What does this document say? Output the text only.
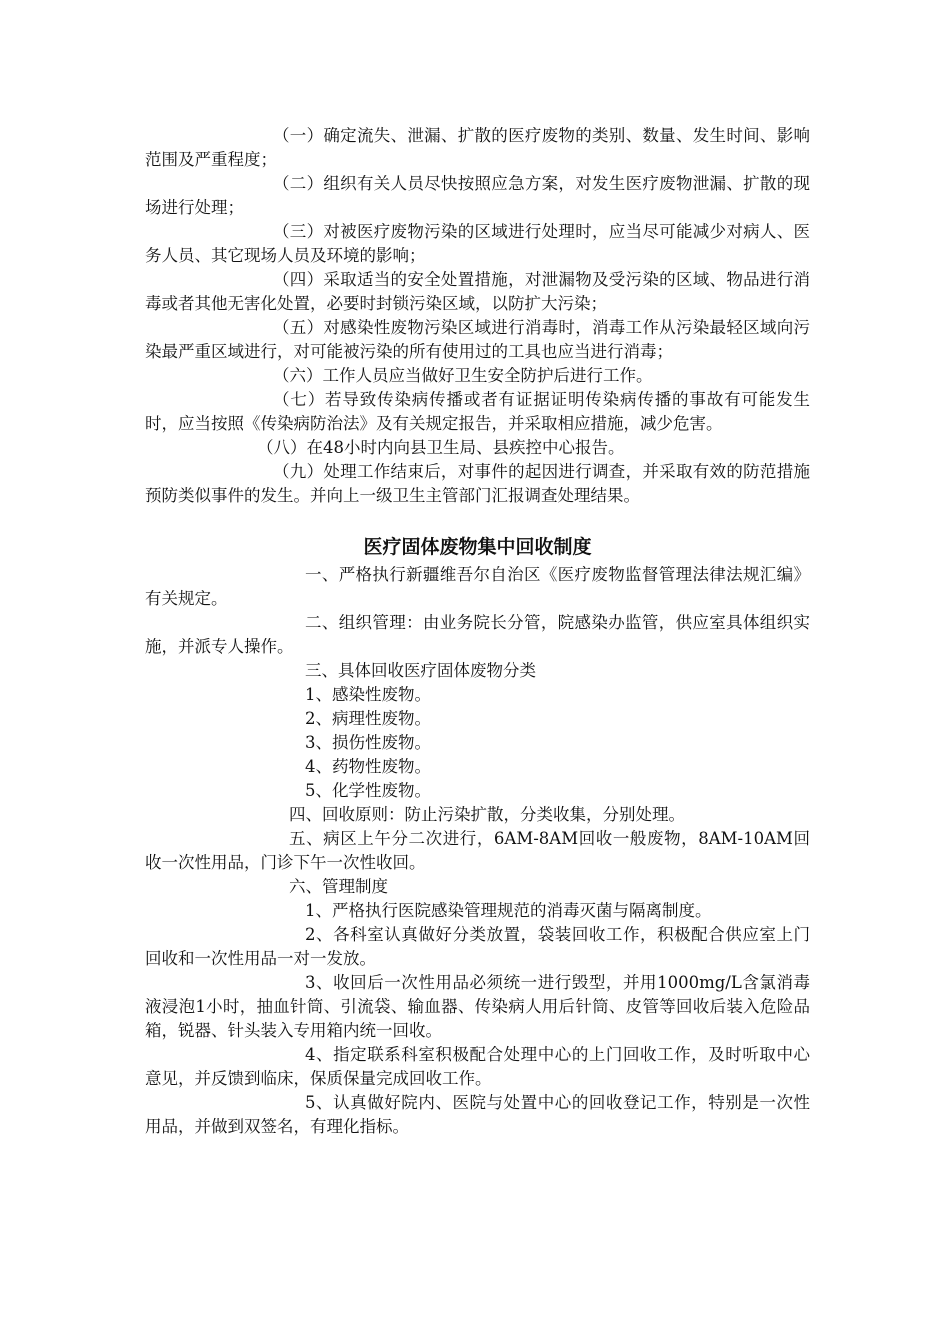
（一）确定流失、泄漏、扩散的医疗废物的类别、数量、发生时间、影响范围及严重程度；

（二）组织有关人员尽快按照应急方案，对发生医疗废物泄漏、扩散的现场进行处理；

（三）对被医疗废物污染的区域进行处理时，应当尽可能减少对病人、医务人员、其它现场人员及环境的影响；

（四）采取适当的安全处置措施，对泄漏物及受污染的区域、物品进行消毒或者其他无害化处置，必要时封锁污染区域，以防扩大污染；

（五）对感染性废物污染区域进行消毒时，消毒工作从污染最轻区域向污染最严重区域进行，对可能被污染的所有使用过的工具也应当进行消毒；

（六）工作人员应当做好卫生安全防护后进行工作。

（七）若导致传染病传播或者有证据证明传染病传播的事故有可能发生时，应当按照《传染病防治法》及有关规定报告，并采取相应措施，减少危害。

（八）在48小时内向县卫生局、县疾控中心报告。

（九）处理工作结束后，对事件的起因进行调查，并采取有效的防范措施预防类似事件的发生。并向上一级卫生主管部门汇报调查处理结果。

医疗固体废物集中回收制度

一、严格执行新疆维吾尔自治区《医疗废物监督管理法律法规汇编》有关规定。

二、组织管理：由业务院长分管，院感染办监管，供应室具体组织实施，并派专人操作。

三、具体回收医疗固体废物分类

1、感染性废物。

2、病理性废物。

3、损伤性废物。

4、药物性废物。

5、化学性废物。

四、回收原则：防止污染扩散，分类收集，分别处理。

五、病区上午分二次进行，6AM-8AM回收一般废物，8AM-10AM回收一次性用品，门诊下午一次性收回。

六、管理制度

1、严格执行医院感染管理规范的消毒灭菌与隔离制度。

2、各科室认真做好分类放置，袋装回收工作，积极配合供应室上门回收和一次性用品一对一发放。

3、收回后一次性用品必须统一进行毁型，并用1000mg/L含氯消毒液浸泡1小时，抽血针筒、引流袋、输血器、传染病人用后针筒、皮管等回收后装入危险品箱，锐器、针头装入专用箱内统一回收。

4、指定联系科室积极配合处理中心的上门回收工作，及时听取中心意见，并反馈到临床，保质保量完成回收工作。

5、认真做好院内、医院与处置中心的回收登记工作，特别是一次性用品，并做到双签名，有理化指标。
